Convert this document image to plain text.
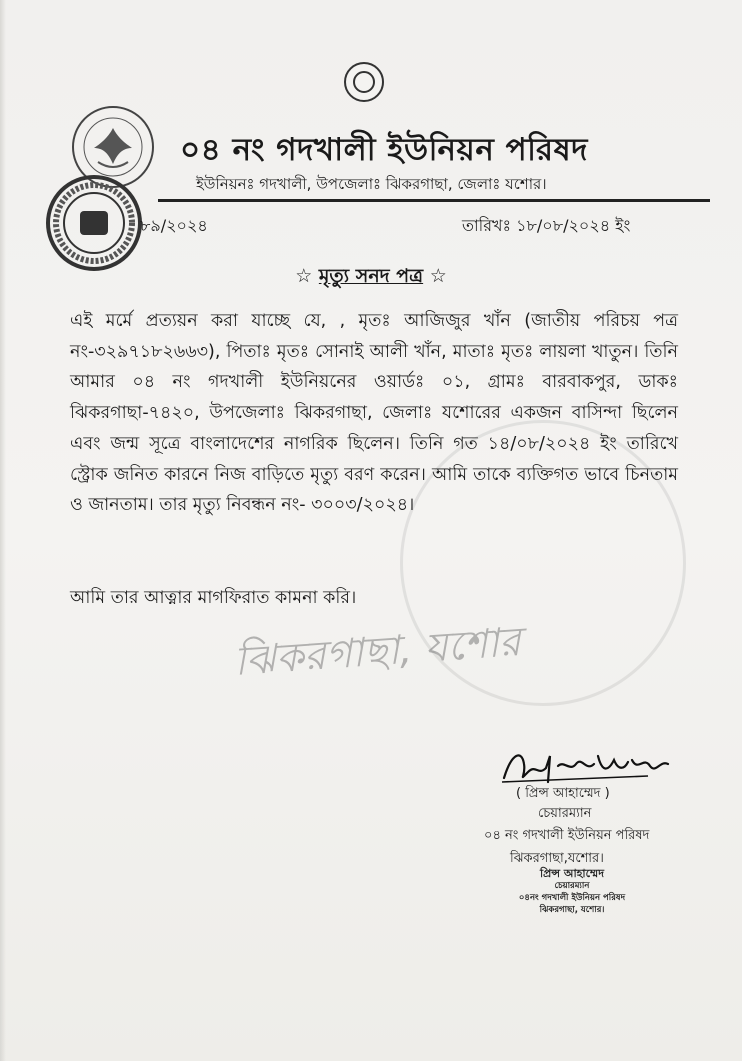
০৪ নং গদখালী ইউনিয়ন পরিষদ
ইউনিয়নঃ গদখালী, উপজেলাঃ ঝিকরগাছা, জেলাঃ যশোর।
৮৯/২০২৪	তারিখঃ ১৮/০৮/২০২৪ ইং
☆ মৃত্যু সনদ পত্র ☆
এই মর্মে প্রত্যয়ন করা যাচ্ছে যে, , মৃতঃ আজিজুর খাঁন (জাতীয় পরিচয় পত্র নং-৩২৯৭১৮২৬৬৩), পিতাঃ মৃতঃ সোনাই আলী খাঁন, মাতাঃ মৃতঃ লায়লা খাতুন। তিনি আমার ০৪ নং গদখালী ইউনিয়নের ওয়ার্ডঃ ০১, গ্রামঃ বারবাকপুর, ডাকঃ ঝিকরগাছা-৭৪২০, উপজেলাঃ ঝিকরগাছা, জেলাঃ যশোরের একজন বাসিন্দা ছিলেন এবং জন্ম সূত্রে বাংলাদেশের নাগরিক ছিলেন। তিনি গত ১৪/০৮/২০২৪ ইং তারিখে স্ট্রোক জনিত কারনে নিজ বাড়িতে মৃত্যু বরণ করেন। আমি তাকে ব্যক্তিগত ভাবে চিনতাম ও জানতাম। তার মৃত্যু নিবন্ধন নং- ৩০০৩/২০২৪।
আমি তার আত্নার মাগফিরাত কামনা করি।
ঝিকরগাছা, যশোর
( প্রিন্স আহাম্মেদ )
চেয়ারম্যান
০৪ নং গদখালী ইউনিয়ন পরিষদ
ঝিকরগাছা,যশোর।
প্রিন্স আহাম্মেদ
চেয়ারম্যান
০৪নং গদখালী ইউনিয়ন পরিষদ
ঝিকরগাছা, যশোর।
